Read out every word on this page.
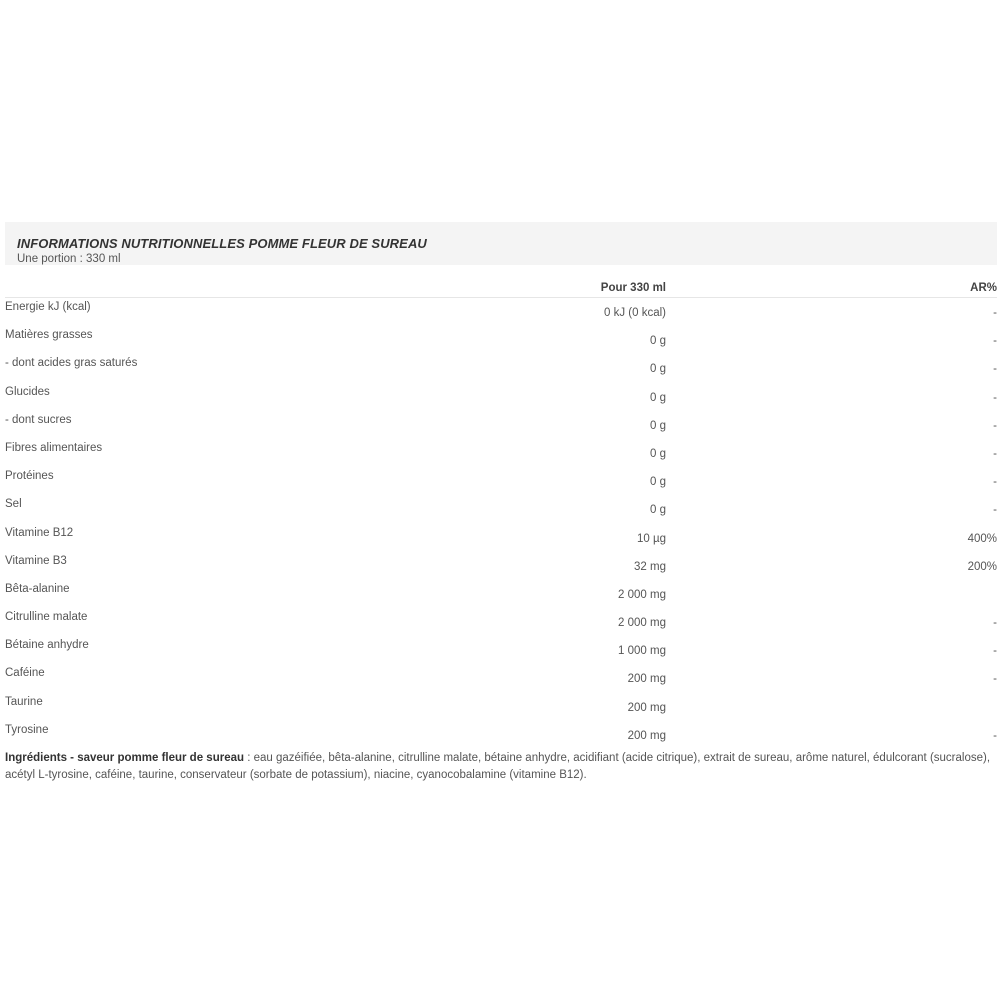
INFORMATIONS NUTRITIONNELLES POMME FLEUR DE SUREAU
Une portion : 330 ml
Pour 330 ml	AR%
Energie kJ (kcal)	0 kJ (0 kcal)	-
Matières grasses	0 g	-
- dont acides gras saturés	0 g	-
Glucides	0 g	-
- dont sucres	0 g	-
Fibres alimentaires	0 g	-
Protéines	0 g	-
Sel	0 g	-
Vitamine B12	10 µg	400%
Vitamine B3	32 mg	200%
Bêta-alanine	2 000 mg
Citrulline malate	2 000 mg	-
Bétaine anhydre	1 000 mg	-
Caféine	200 mg	-
Taurine	200 mg
Tyrosine	200 mg	-
Ingrédients - saveur pomme fleur de sureau : eau gazéifiée, bêta-alanine, citrulline malate, bétaine anhydre, acidifiant (acide citrique), extrait de sureau, arôme naturel, édulcorant (sucralose), acétyl L-tyrosine, caféine, taurine, conservateur (sorbate de potassium), niacine, cyanocobalamine (vitamine B12).
